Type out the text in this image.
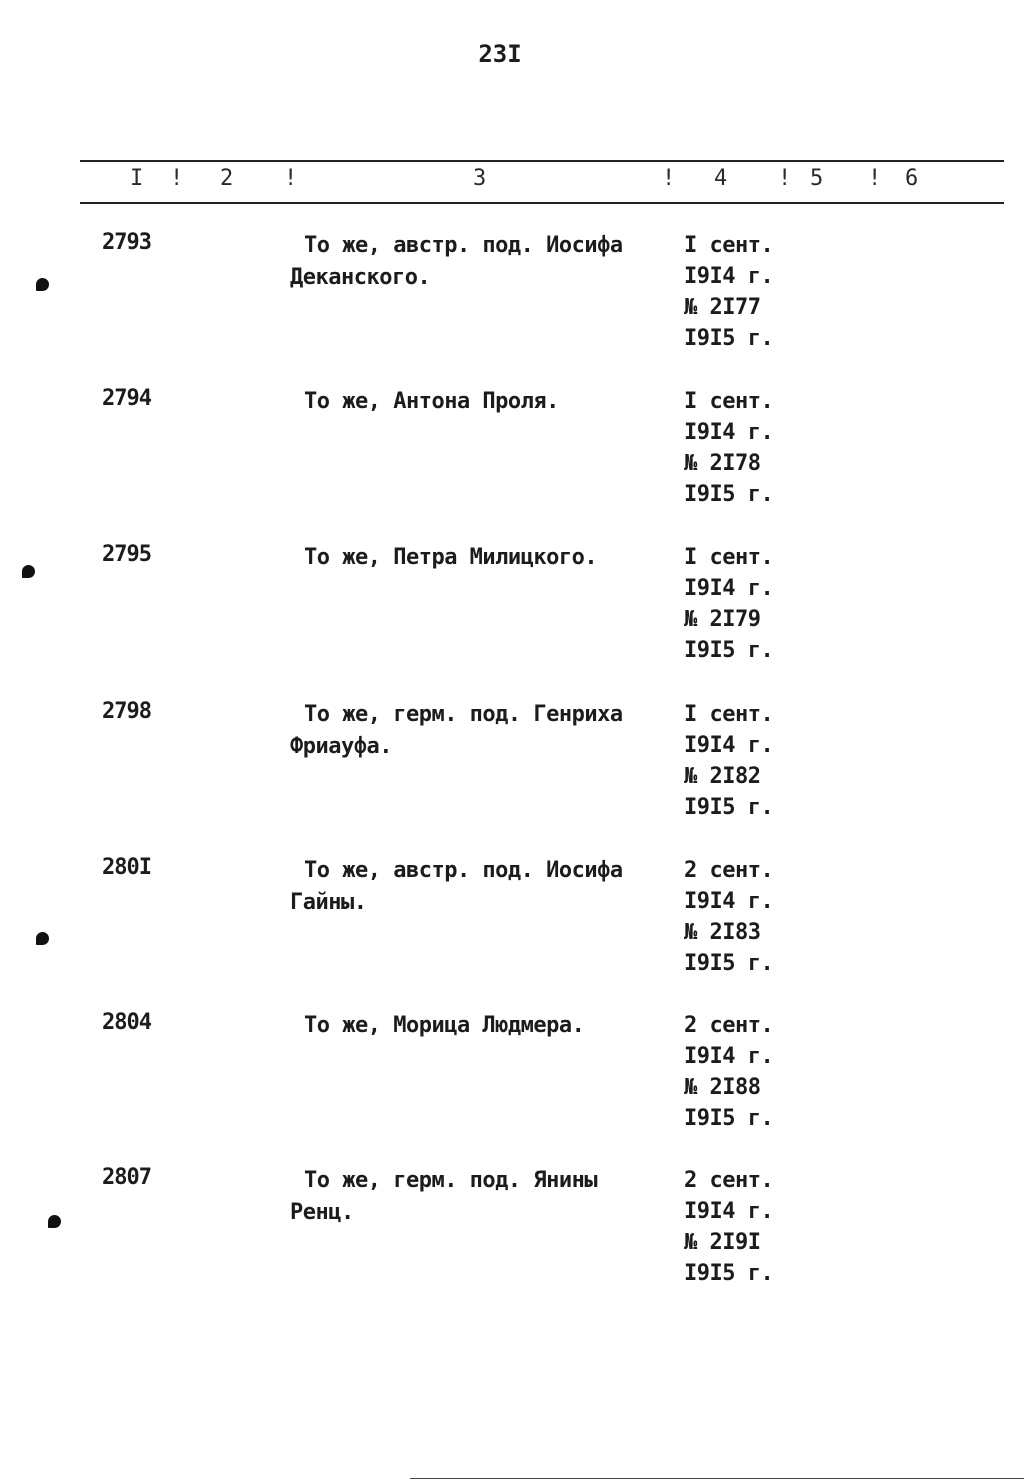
23I
I ! 2 !	3	! 4 ! 5 ! 6
2793	То же, австр. под. Иосифа Деканского.
I сент.
I9I4 г.
№ 2I77
I9I5 г.
2794	То же, Антона Проля.	I сент.
I9I4 г.
№ 2I78
I9I5 г.
2795	То же, Петра Милицкого.	I сент.
I9I4 г.
№ 2I79
I9I5 г.
2798	То же, герм. под. Генриха Фриауфа.
I сент.
I9I4 г.
№ 2I82
I9I5 г.
280I	То же, австр. под. Иосифа Гайны.
2 сент.
I9I4 г.
№ 2I83
I9I5 г.
2804	То же, Морица Людмера.	2 сент.
I9I4 г.
№ 2I88
I9I5 г.
2807	То же, герм. под. Янины Ренц.
2 сент.
I9I4 г.
№ 2I9I
I9I5 г.
